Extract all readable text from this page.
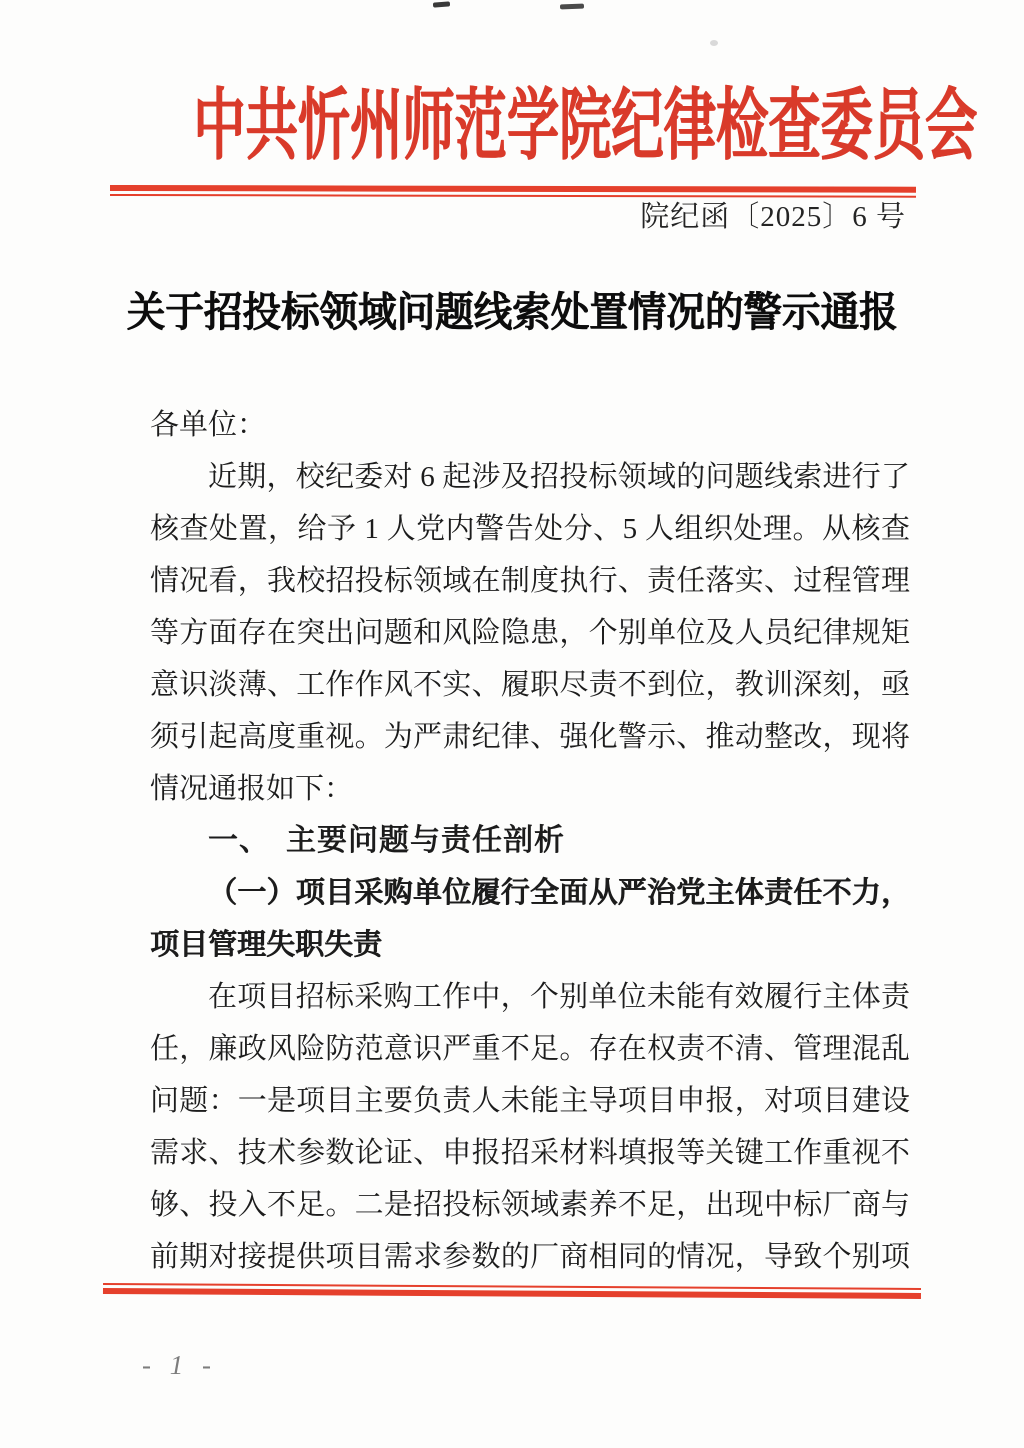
中共忻州师范学院纪律检查委员会
院纪函〔2025〕6 号
关于招投标领域问题线索处置情况的警示通报
各单位：
近期，校纪委对 6 起涉及招投标领域的问题线索进行了
核查处置，给予 1 人党内警告处分、5 人组织处理。从核查
情况看，我校招投标领域在制度执行、责任落实、过程管理
等方面存在突出问题和风险隐患，个别单位及人员纪律规矩
意识淡薄、工作作风不实、履职尽责不到位，教训深刻，亟
须引起高度重视。为严肃纪律、强化警示、推动整改，现将
情况通报如下：
一、　主要问题与责任剖析
（一）项目采购单位履行全面从严治党主体责任不力，
项目管理失职失责
在项目招标采购工作中，个别单位未能有效履行主体责
任，廉政风险防范意识严重不足。存在权责不清、管理混乱
问题：一是项目主要负责人未能主导项目申报，对项目建设
需求、技术参数论证、申报招采材料填报等关键工作重视不
够、投入不足。二是招投标领域素养不足，出现中标厂商与
前期对接提供项目需求参数的厂商相同的情况，导致个别项
- 1 -
